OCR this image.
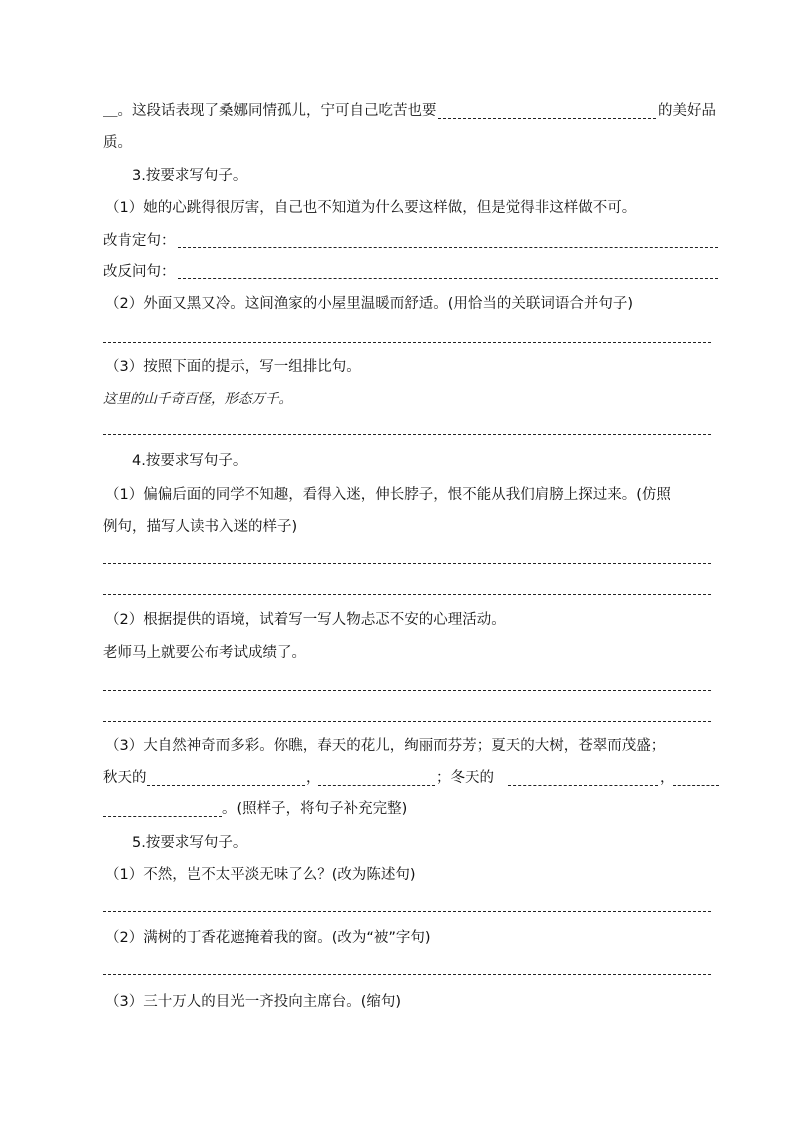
＿。这段话表现了桑娜同情孤儿，宁可自己吃苦也要	的美好品
质。
3.按要求写句子。
（1）她的心跳得很厉害，自己也不知道为什么要这样做，但是觉得非这样做不可。
改肯定句：
改反问句：
（2）外面又黑又冷。这间渔家的小屋里温暖而舒适。(用恰当的关联词语合并句子)
（3）按照下面的提示，写一组排比句。
这里的山千奇百怪，形态万千。
4.按要求写句子。
（1）偏偏后面的同学不知趣，看得入迷，伸长脖子，恨不能从我们肩膀上探过来。(仿照
例句，描写人读书入迷的样子)
（2）根据提供的语境，试着写一写人物忐忑不安的心理活动。
老师马上就要公布考试成绩了。
（3）大自然神奇而多彩。你瞧，春天的花儿，绚丽而芬芳；夏天的大树，苍翠而茂盛；
秋天的	，	；冬天的	，
。(照样子，将句子补充完整)
5.按要求写句子。
（1）不然，岂不太平淡无味了么？(改为陈述句)
（2）满树的丁香花遮掩着我的窗。(改为“被”字句)
（3）三十万人的目光一齐投向主席台。(缩句)
